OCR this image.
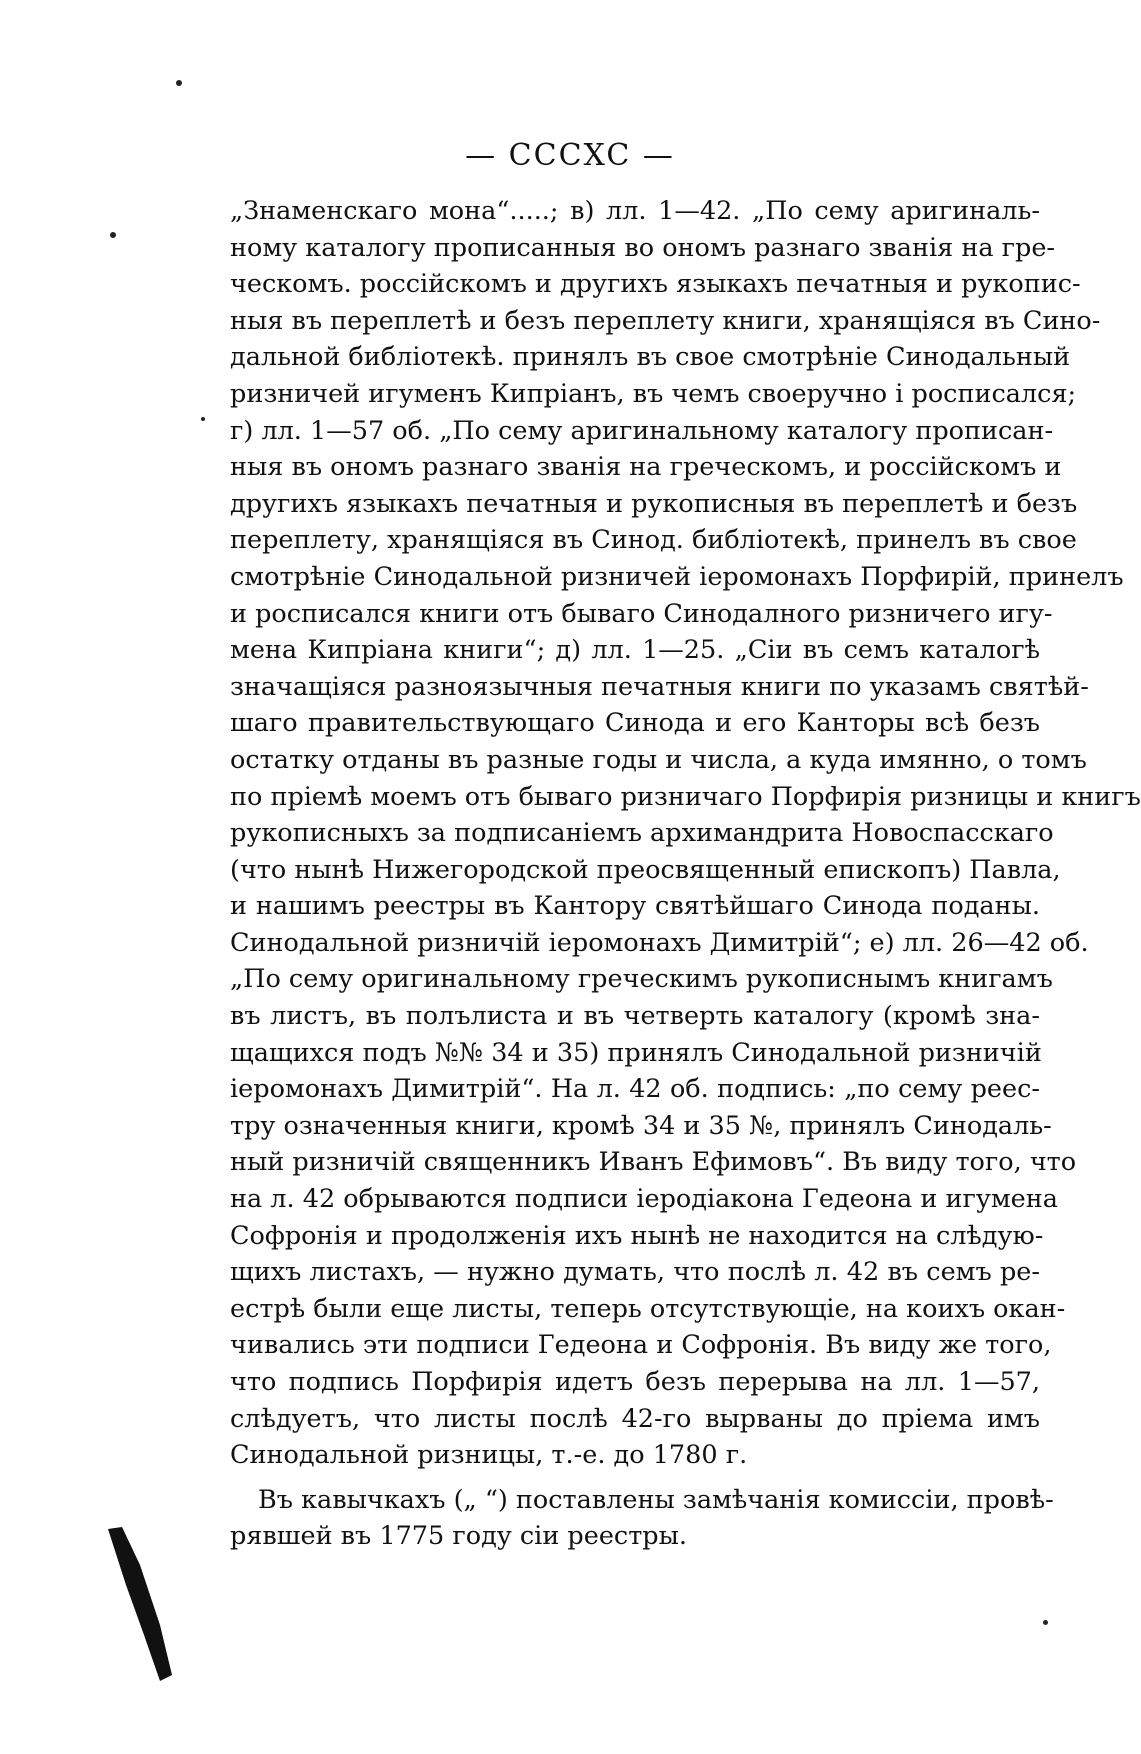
— CCCXC —
„Знаменскаго мона“.....; в) лл. 1—42. „По сему аригиналь-
ному каталогу прописанныя во ономъ разнаго званія на гре-
ческомъ. россійскомъ и другихъ языкахъ печатныя и рукопис-
ныя въ переплетѣ и безъ переплету книги, хранящіяся въ Сино-
дальной библіотекѣ. принялъ въ свое смотрѣніе Синодальный
ризничей игуменъ Кипріанъ, въ чемъ своеручно і росписался;
г) лл. 1—57 об. „По сему аригинальному каталогу прописан-
ныя въ ономъ разнаго званія на греческомъ, и россійскомъ и
другихъ языкахъ печатныя и рукописныя въ переплетѣ и безъ
переплету, хранящіяся въ Синод. библіотекѣ, принелъ въ свое
смотрѣніе Синодальной ризничей іеромонахъ Порфирій, принелъ
и росписался книги отъ бываго Синодалного ризничего игу-
мена Кипріана книги“; д) лл. 1—25. „Сіи въ семъ каталогѣ
значащіяся разноязычныя печатныя книги по указамъ святѣй-
шаго правительствующаго Синода и его Канторы всѣ безъ
остатку отданы въ разные годы и числа, а куда имянно, о томъ
по пріемѣ моемъ отъ бываго ризничаго Порфирія ризницы и книгъ
рукописныхъ за подписаніемъ архимандрита Новоспасскаго
(что нынѣ Нижегородской преосвященный епископъ) Павла,
и нашимъ реестры въ Кантору святѣйшаго Синода поданы.
Синодальной ризничій іеромонахъ Димитрій“; е) лл. 26—42 об.
„По сему оригинальному греческимъ рукописнымъ книгамъ
въ листъ, въ полълиста и въ четверть каталогу (кромѣ зна-
щащихся подъ №№ 34 и 35) принялъ Синодальной ризничій
іеромонахъ Димитрій“. На л. 42 об. подпись: „по сему реес-
тру означенныя книги, кромѣ 34 и 35 №, принялъ Синодаль-
ный ризничій священникъ Иванъ Ефимовъ“. Въ виду того, что
на л. 42 обрываются подписи іеродіакона Гедеона и игумена
Софронія и продолженія ихъ нынѣ не находится на слѣдую-
щихъ листахъ, — нужно думать, что послѣ л. 42 въ семъ ре-
естрѣ были еще листы, теперь отсутствующіе, на коихъ окан-
чивались эти подписи Гедеона и Софронія. Въ виду же того,
что подпись Порфирія идетъ безъ перерыва на лл. 1—57,
слѣдуетъ, что листы послѣ 42-го вырваны до пріема имъ
Синодальной ризницы, т.-е. до 1780 г.
Въ кавычкахъ („ “) поставлены замѣчанія комиссіи, провѣ-
рявшей въ 1775 году сіи реестры.
